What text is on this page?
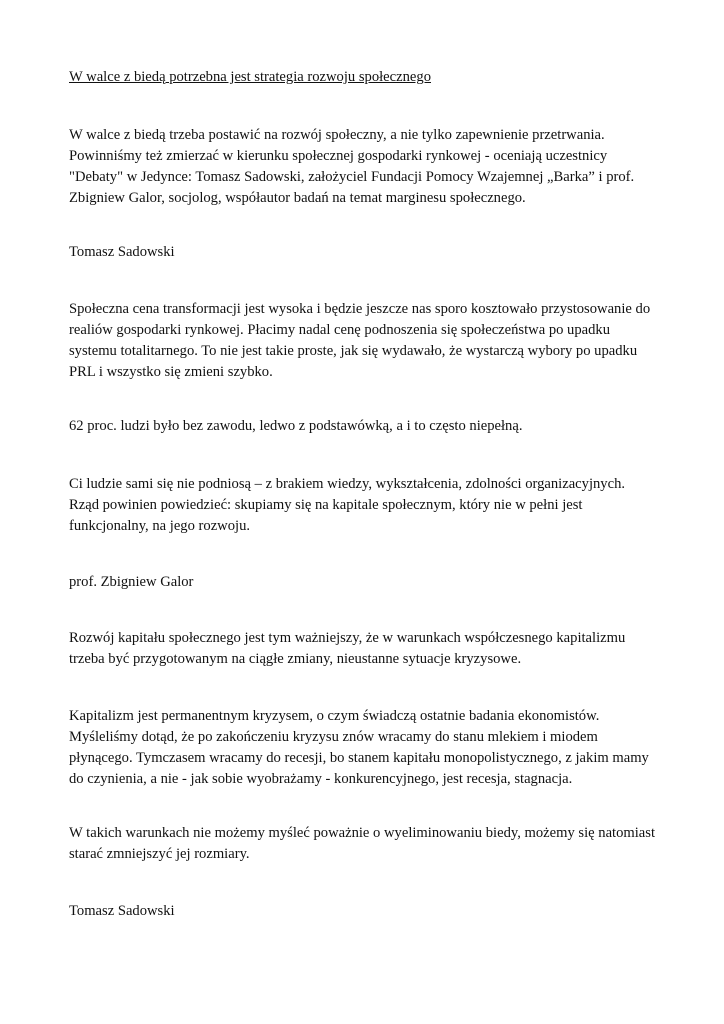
W walce z biedą potrzebna jest strategia rozwoju społecznego

W walce z biedą trzeba postawić na rozwój społeczny, a nie tylko zapewnienie przetrwania.
Powinniśmy też zmierzać w kierunku społecznej gospodarki rynkowej - oceniają uczestnicy
"Debaty" w Jedynce: Tomasz Sadowski, założyciel Fundacji Pomocy Wzajemnej „Barka” i prof.
Zbigniew Galor, socjolog, współautor badań na temat marginesu społecznego.

Tomasz Sadowski

Społeczna cena transformacji jest wysoka i będzie jeszcze nas sporo kosztowało przystosowanie do
realiów gospodarki rynkowej. Płacimy nadal cenę podnoszenia się społeczeństwa po upadku
systemu totalitarnego. To nie jest takie proste, jak się wydawało, że wystarczą wybory po upadku
PRL i wszystko się zmieni szybko.
62 proc. ludzi było bez zawodu, ledwo z podstawówką, a i to często niepełną.
Ci ludzie sami się nie podniosą – z brakiem wiedzy, wykształcenia, zdolności organizacyjnych.
Rząd powinien powiedzieć: skupiamy się na kapitale społecznym, który nie w pełni jest
funkcjonalny, na jego rozwoju.

prof. Zbigniew Galor

Rozwój kapitału społecznego jest tym ważniejszy, że w warunkach współczesnego kapitalizmu
trzeba być przygotowanym na ciągłe zmiany, nieustanne sytuacje kryzysowe.
Kapitalizm jest permanentnym kryzysem, o czym świadczą ostatnie badania ekonomistów.
Myśleliśmy dotąd, że po zakończeniu kryzysu znów wracamy do stanu mlekiem i miodem
płynącego. Tymczasem wracamy do recesji, bo stanem kapitału monopolistycznego, z jakim mamy
do czynienia, a nie - jak sobie wyobrażamy - konkurencyjnego, jest recesja, stagnacja.
W takich warunkach nie możemy myśleć poważnie o wyeliminowaniu biedy, możemy się natomiast
starać zmniejszyć jej rozmiary.

Tomasz Sadowski
